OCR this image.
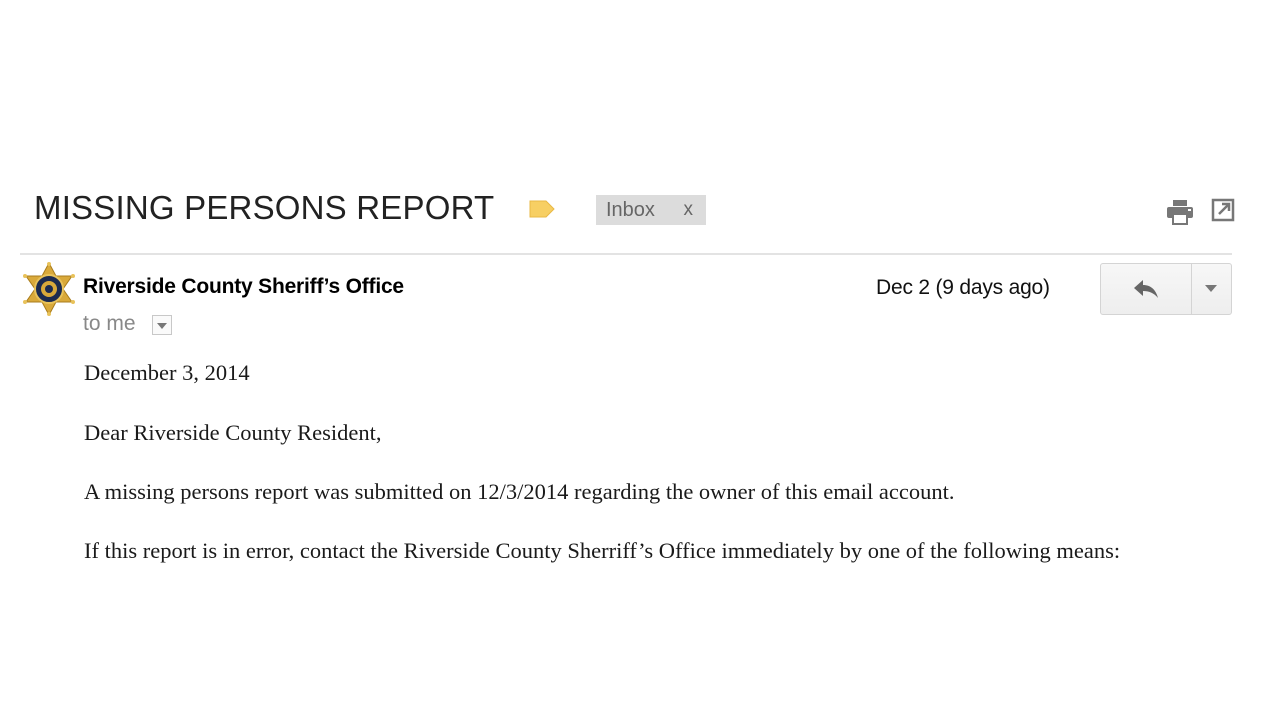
MISSING PERSONS REPORT	Inbox x
Riverside County Sheriff’s Office	Dec 2 (9 days ago)
to me
December 3, 2014
Dear Riverside County Resident,
A missing persons report was submitted on 12/3/2014 regarding the owner of this email account.
If this report is in error, contact the Riverside County Sherriff’s Office immediately by one of the following means:
